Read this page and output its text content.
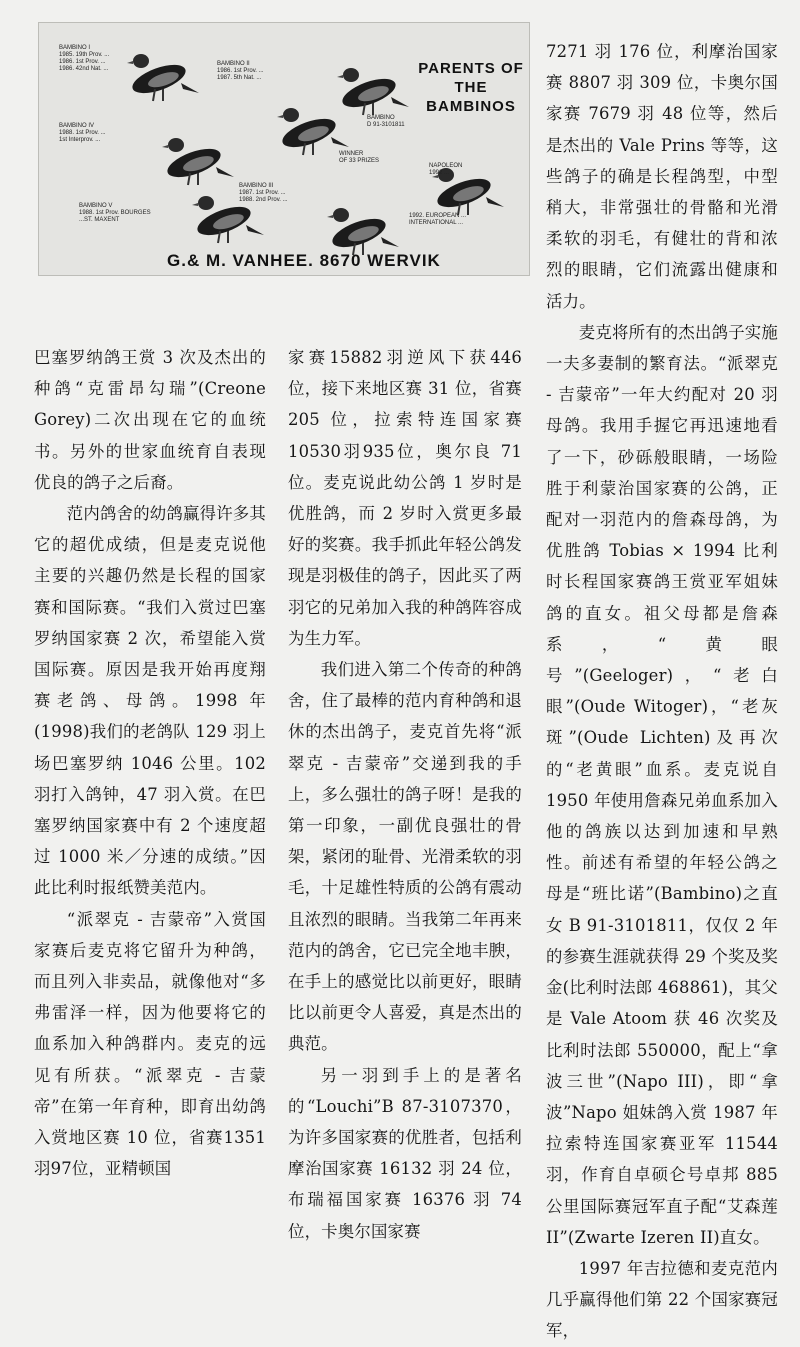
BAMBINO I
1985. 19th Prov. ...
1986. 1st Prov. ...
1986. 42nd Nat. ...
BAMBINO II
1986. 1st Prov. ...
1987. 5th Nat. ...
BAMBINO
D 91-3101811
BAMBINO IV
1988. 1st Prov. ...
1st Interprov. ...
WINNER
OF 33 PRIZES
NAPOLEON
1992 ...
BAMBINO V
1988. 1st Prov. BOURGES
...ST. MAXENT
BAMBINO III
1987. 1st Prov. ...
1988. 2nd Prov. ...
1992. EUROPEAN ...
INTERNATIONAL ...
PARENTS OF
THE
BAMBINOS
G.& M. VANHEE. 8670 WERVIK

巴塞罗纳鸽王赏 3 次及杰出的种鸽“克雷昂勾瑞”(Creone Gorey)二次出现在它的血统书。另外的世家血统育自表现优良的鸽子之后裔。

范内鸽舍的幼鸽赢得许多其它的超优成绩，但是麦克说他主要的兴趣仍然是长程的国家赛和国际赛。“我们入赏过巴塞罗纳国家赛 2 次，希望能入赏国际赛。原因是我开始再度翔赛老鸽、母鸽。1998 年(1998)我们的老鸽队 129 羽上场巴塞罗纳 1046 公里。102 羽打入鸽钟，47 羽入赏。在巴塞罗纳国家赛中有 2 个速度超过 1000 米／分速的成绩。”因此比利时报纸赞美范内。

“派翠克 - 吉蒙帝”入赏国家赛后麦克将它留升为种鸽，而且列入非卖品，就像他对“多弗雷泽一样，因为他要将它的血系加入种鸽群内。麦克的远见有所获。“派翠克 - 吉蒙帝”在第一年育种，即育出幼鸽入赏地区赛 10 位，省赛1351羽97位，亚精顿国

家赛15882羽逆风下获446位，接下来地区赛 31 位，省赛 205 位，拉索特连国家赛10530羽935位，奥尔良 71 位。麦克说此幼公鸽 1 岁时是优胜鸽，而 2 岁时入赏更多最好的奖赛。我手抓此年轻公鸽发现是羽极佳的鸽子，因此买了两羽它的兄弟加入我的种鸽阵容成为生力军。

我们进入第二个传奇的种鸽舍，住了最棒的范内育种鸽和退休的杰出鸽子，麦克首先将“派翠克 - 吉蒙帝”交递到我的手上，多么强壮的鸽子呀！是我的第一印象，一副优良强壮的骨架，紧闭的耻骨、光滑柔软的羽毛，十足雄性特质的公鸽有震动且浓烈的眼睛。当我第二年再来范内的鸽舍，它已完全地丰腴，在手上的感觉比以前更好，眼睛比以前更令人喜爱，真是杰出的典范。

另一羽到手上的是著名的“Louchi”B 87-3107370，为许多国家赛的优胜者，包括利摩治国家赛 16132 羽 24 位，布瑞福国家赛 16376 羽 74 位，卡奥尔国家赛

7271 羽 176 位，利摩治国家赛 8807 羽 309 位，卡奥尔国家赛 7679 羽 48 位等，然后是杰出的 Vale Prins 等等，这些鸽子的确是长程鸽型，中型稍大，非常强壮的骨骼和光滑柔软的羽毛，有健壮的背和浓烈的眼睛，它们流露出健康和活力。

麦克将所有的杰出鸽子实施一夫多妻制的繁育法。“派翠克 - 吉蒙帝”一年大约配对 20 羽母鸽。我用手握它再迅速地看了一下，砂砾般眼睛，一场险胜于利蒙治国家赛的公鸽，正配对一羽范内的詹森母鸽，为优胜鸽 Tobias × 1994 比利时长程国家赛鸽王赏亚军姐妹鸽的直女。祖父母都是詹森系，“黄眼号”(Geeloger)，“老白眼”(Oude Witoger)，“老灰斑”(Oude Lichten)及再次的“老黄眼”血系。麦克说自 1950 年使用詹森兄弟血系加入他的鸽族以达到加速和早熟性。前述有希望的年轻公鸽之母是“班比诺”(Bambino)之直女 B 91-3101811，仅仅 2 年的参赛生涯就获得 29 个奖及奖金(比利时法郎 468861)，其父是 Vale Atoom 获 46 次奖及比利时法郎 550000，配上“拿波三世”(Napo III)，即“拿波”Napo 姐妹鸽入赏 1987 年拉索特连国家赛亚军 11544 羽，作育自卓硕仑号卓邦 885 公里国际赛冠军直子配“艾森莲 II”(Zwarte Izeren II)直女。

1997 年吉拉德和麦克范内几乎赢得他们第 22 个国家赛冠军，
